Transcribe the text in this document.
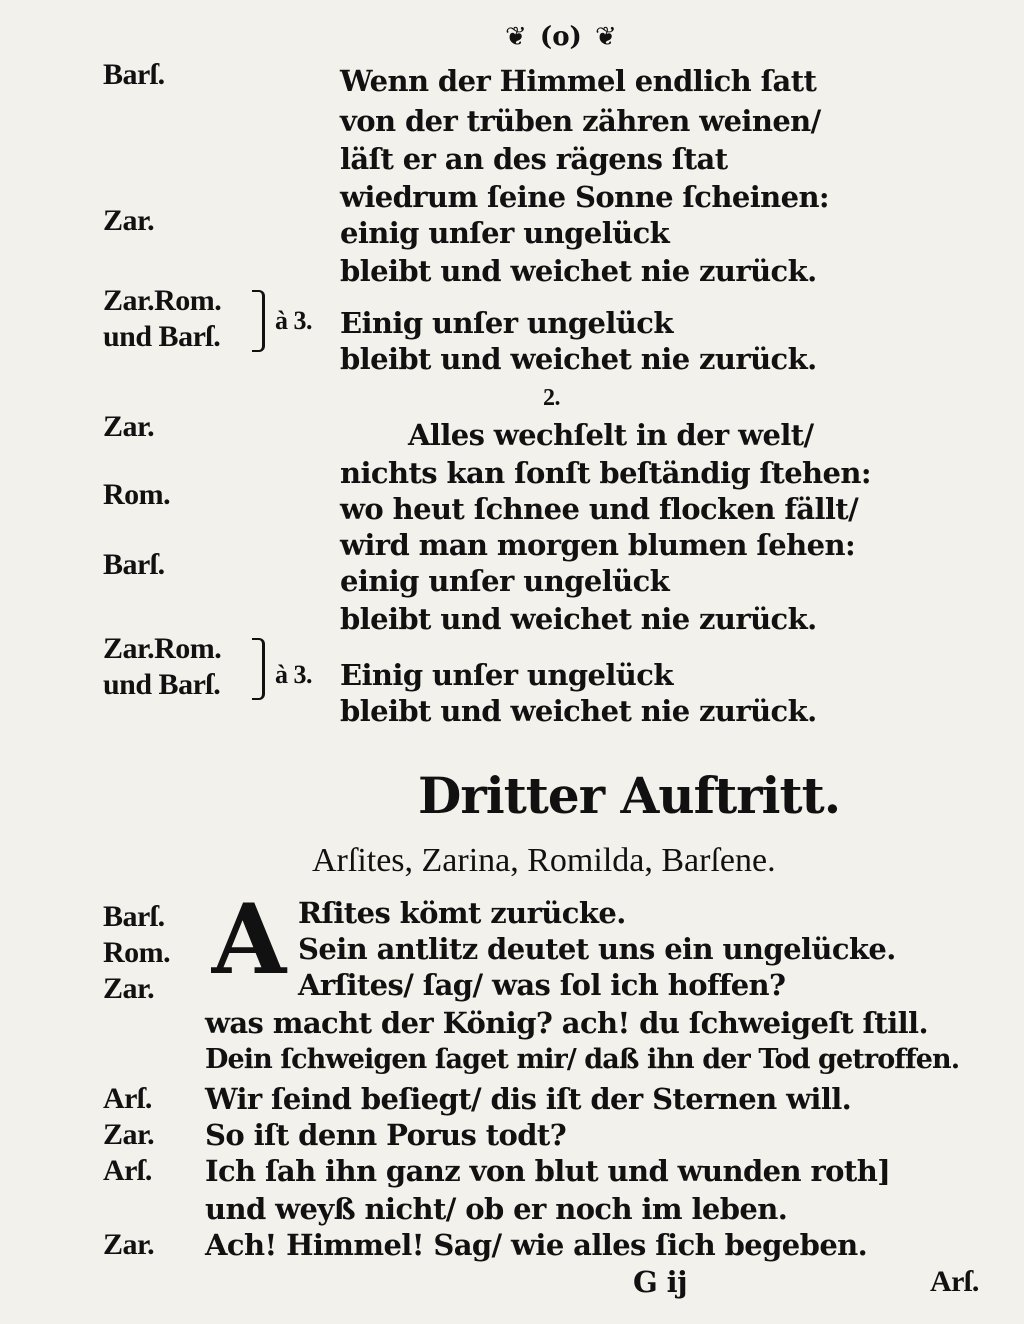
❦ (o) ❦
Barſ.	Wenn der Himmel endlich ſatt
von der trüben zähren weinen/
läſt er an des rägens ſtat
wiedrum ſeine Sonne ſcheinen:
Zar.	einig unſer ungelück
bleibt und weichet nie zurück.
Zar.Rom.
und Barſ. à 3. Einig unſer ungelück
bleibt und weichet nie zurück.
2.
Zar.	Alles wechſelt in der welt/
nichts kan ſonſt beſtändig ſtehen:
Rom.	wo heut ſchnee und flocken fällt/
wird man morgen blumen ſehen:
Barſ.	einig unſer ungelück
bleibt und weichet nie zurück.
Zar.Rom.
und Barſ. à 3. Einig unſer ungelück
bleibt und weichet nie zurück.
Dritter Auftritt.
Arſites, Zarina, Romilda, Barſene.
A
Barſ.	Rſites kömt zurücke.
Rom.	Sein antlitz deutet uns ein ungelücke.
Zar.	Arſites/ ſag/ was ſol ich hoffen?
was macht der König? ach! du ſchweigeſt ſtill.
Dein ſchweigen ſaget mir/ daß ihn der Tod getroffen.
Arſ. Wir ſeind beſiegt/ dis iſt der Sternen will.
Zar. So iſt denn Porus todt?
Arſ. Ich ſah ihn ganz von blut und wunden roth]
und weyß nicht/ ob er noch im leben.
Zar. Ach! Himmel! Sag/ wie alles ſich begeben.
G ij	Arſ.
